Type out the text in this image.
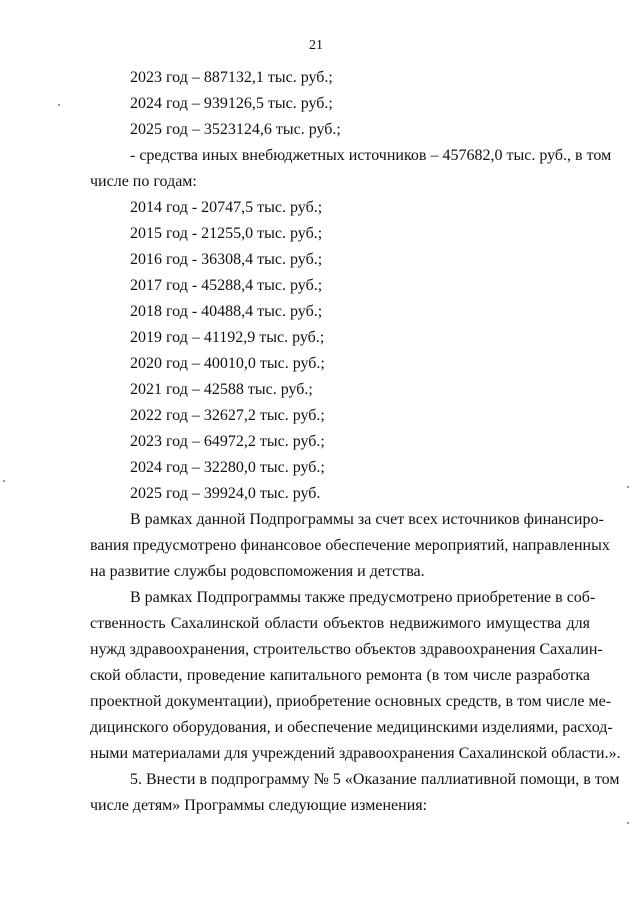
21
2023 год – 887132,1 тыс. руб.;
2024 год – 939126,5 тыс. руб.;
2025 год – 3523124,6 тыс. руб.;
- средства иных внебюджетных источников – 457682,0 тыс. руб., в том
числе по годам:
2014 год - 20747,5 тыс. руб.;
2015 год - 21255,0 тыс. руб.;
2016 год - 36308,4 тыс. руб.;
2017 год - 45288,4 тыс. руб.;
2018 год - 40488,4 тыс. руб.;
2019 год – 41192,9 тыс. руб.;
2020 год – 40010,0 тыс. руб.;
2021 год – 42588 тыс. руб.;
2022 год – 32627,2 тыс. руб.;
2023 год – 64972,2 тыс. руб.;
2024 год – 32280,0 тыс. руб.;
2025 год – 39924,0 тыс. руб.
В рамках данной Подпрограммы за счет всех источников финансиро-
вания предусмотрено финансовое обеспечение мероприятий, направленных
на развитие службы родовспоможения и детства.
В рамках Подпрограммы также предусмотрено приобретение в соб-
ственность Сахалинской области объектов недвижимого имущества для
нужд здравоохранения, строительство объектов здравоохранения Сахалин-
ской области, проведение капитального ремонта (в том числе разработка
проектной документации), приобретение основных средств, в том числе ме-
дицинского оборудования, и обеспечение медицинскими изделиями, расход-
ными материалами для учреждений здравоохранения Сахалинской области.».
5. Внести в подпрограмму № 5 «Оказание паллиативной помощи, в том
числе детям» Программы следующие изменения:
